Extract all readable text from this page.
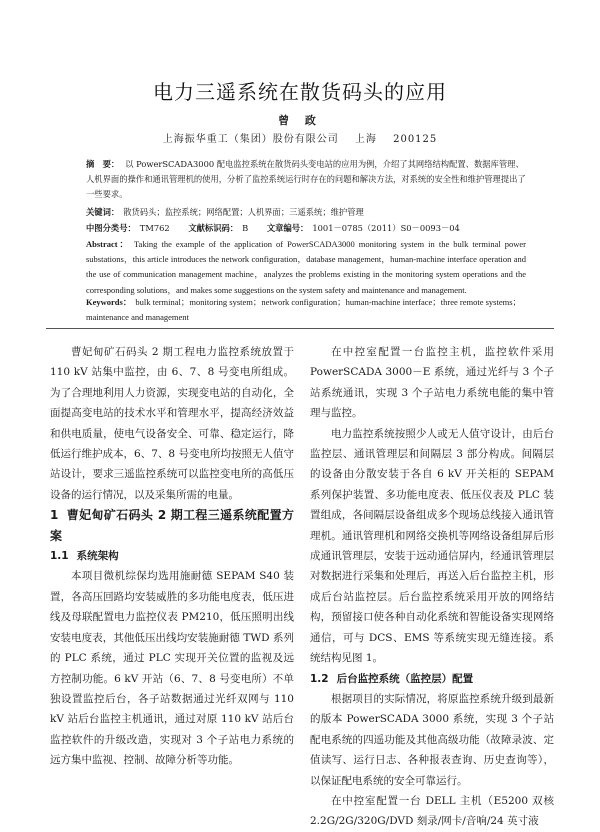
电力三遥系统在散货码头的应用
曾 政
上海振华重工（集团）股份有限公司 上海 200125
摘　要： 以 PowerSCADA3000 配电监控系统在散货码头变电站的应用为例，介绍了其网络结构配置、数据库管理、人机界面的操作和通讯管理机的使用，分析了监控系统运行时存在的问题和解决方法，对系统的安全性和维护管理提出了一些要求。
关键词： 散货码头；监控系统；网络配置；人机界面；三遥系统；维护管理
中图分类号： TM762 文献标识码： B 文章编号： 1001－0785（2011）S0－0093－04
Abstract： Taking the example of the application of PowerSCADA3000 monitoring system in the bulk terminal power substations，this article introduces the network configuration，database management，human-machine interface operation and the use of communication management machine，analyzes the problems existing in the monitoring system operations and the corresponding solutions，and makes some suggestions on the system safety and maintenance and management.
Keywords： bulk terminal；monitoring system；network configuration；human-machine interface；three remote systems；maintenance and management

曹妃甸矿石码头 2 期工程电力监控系统放置于 110 kV 站集中监控，由 6、7、8 号变电所组成。为了合理地利用人力资源，实现变电站的自动化，全面提高变电站的技术水平和管理水平，提高经济效益和供电质量，使电气设备安全、可靠、稳定运行，降低运行维护成本，6、7、8 号变电所均按照无人值守站设计，要求三遥监控系统可以监控变电所的高低压设备的运行情况，以及采集所需的电量。

1 曹妃甸矿石码头 2 期工程三遥系统配置方案
1.1 系统架构

本项目微机综保均选用施耐德 SEPAM S40 装置，各高压回路均安装威胜的多功能电度表，低压进线及母联配置电力监控仪表 PM210，低压照明出线安装电度表，其他低压出线均安装施耐德 TWD 系列的 PLC 系统，通过 PLC 实现开关位置的监视及远方控制功能。6 kV 开站（6、7、8 号变电所）不单独设置监控后台，各子站数据通过光纤双网与 110 kV 站后台监控主机通讯，通过对原 110 kV 站后台监控软件的升级改造，实现对 3 个子站电力系统的远方集中监视、控制、故障分析等功能。

在中控室配置一台监控主机，监控软件采用 PowerSCADA 3000－E 系统，通过光纤与 3 个子站系统通讯，实现 3 个子站电力系统电能的集中管理与监控。

电力监控系统按照少人或无人值守设计，由后台监控层、通讯管理层和间隔层 3 部分构成。间隔层的设备由分散安装于各自 6 kV 开关柜的 SEPAM 系列保护装置、多功能电度表、低压仪表及 PLC 装置组成，各间隔层设备组成多个现场总线接入通讯管理机。通讯管理机和网络交换机等网络设备组屏后形成通讯管理层，安装于远动通信屏内，经通讯管理层对数据进行采集和处理后，再送入后台监控主机，形成后台站监控层。后台监控系统采用开放的网络结构，预留接口使各种自动化系统和智能设备实现网络通信，可与 DCS、EMS 等系统实现无缝连接。系统结构见图 1。

1.2 后台监控系统（监控层）配置

根据项目的实际情况，将原监控系统升级到最新的版本 PowerSCADA 3000 系统，实现 3 个子站配电系统的四遥功能及其他高级功能（故障录波、定值读写、运行日志、各种报表查询、历史查询等），以保证配电系统的安全可靠运行。

在中控室配置一台 DELL 主机（E5200 双核 2.2G/2G/320G/DVD 刻录/网卡/音响/24 英寸液
